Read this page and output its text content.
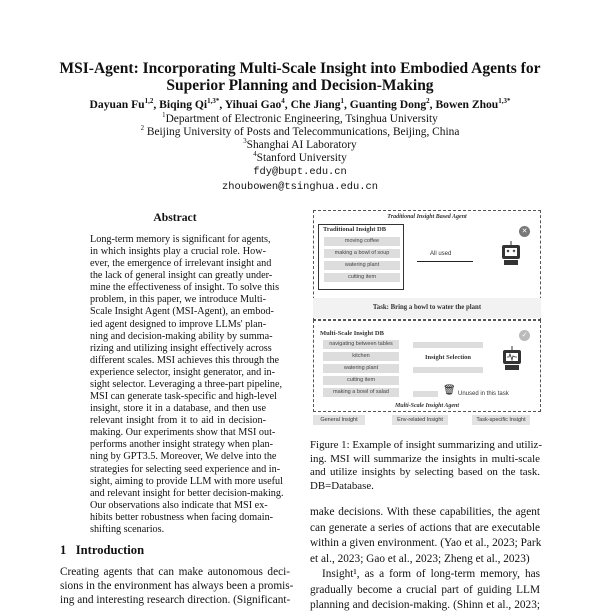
MSI-Agent: Incorporating Multi-Scale Insight into Embodied Agents for
Superior Planning and Decision-Making
Dayuan Fu$^{1,2}$, Biqing $Qi^{1,3*}$, Yihuai Gao$^4$, Che Jiang$^1$, Guanting Dong$^2$, Bowen Zhou$^{1,3*}$
$^1$Department of Electronic Engineering, Tsinghua University
$^2$ Beijing University of Posts and Telecommunications, Beijing, China
$^3$Shanghai AI Laboratory
$^4$Stanford University
fdy@bupt.edu.cn
zhoubowen@tsinghua.edu.cn
Abstract
Long-term memory is significant for agents,
in which insights play a crucial role. How-
ever, the emergence of irrelevant insight and
the lack of general insight can greatly under-
mine the effectiveness of insight. To solve this
problem, in this paper, we introduce Multi-
Scale Insight Agent (MSI-Agent), an embod-
ied agent designed to improve LLMs' plan-
ning and decision-making ability by summa-
rizing and utilizing insight effectively across
different scales. MSI achieves this through the
experience selector, insight generator, and in-
sight selector. Leveraging a three-part pipeline,
MSI can generate task-specific and high-level
insight, store it in a database, and then use
relevant insight from it to aid in decision-
making. Our experiments show that MSI out-
performs another insight strategy when plan-
ning by GPT3.5. Moreover, We delve into the
strategies for selecting seed experience and in-
sight, aiming to provide LLM with more useful
and relevant insight for better decision-making.
Our observations also indicate that MSI ex-
hibits better robustness when facing domain-
shifting scenarios.
1 Introduction
Creating agents that can make autonomous deci-
sions in the environment has always been a promis-
ing and interesting research direction. (Significant-
Traditional Insight Based Agent
Traditional Insight DB
moving coffee
making a bowl of soup
watering plant
cutting item
All used
✕
Task: Bring a bowl to water the plant
Multi-Scale Insight DB
navigating between tables
kitchen
watering plant
cutting item
making a bowl of salad
Insight Selection
🗑 Unused in this task
✓
Multi-Scale Insight Agent
General Insight	Env-related Insight	Task-specific Insight
Figure 1: Example of insight summarizing and utiliz-
ing. MSI will summarize the insights in multi-scale
and utilize insights by selecting based on the task.
DB=Database.
make decisions. With these capabilities, the agent
can generate a series of actions that are executable
within a given environment. (Yao et al., 2023; Park
et al., 2023; Gao et al., 2023; Zheng et al., 2023)
Insight¹, as a form of long-term memory, has
gradually become a crucial part of guiding LLM
planning and decision-making. (Shinn et al., 2023;
